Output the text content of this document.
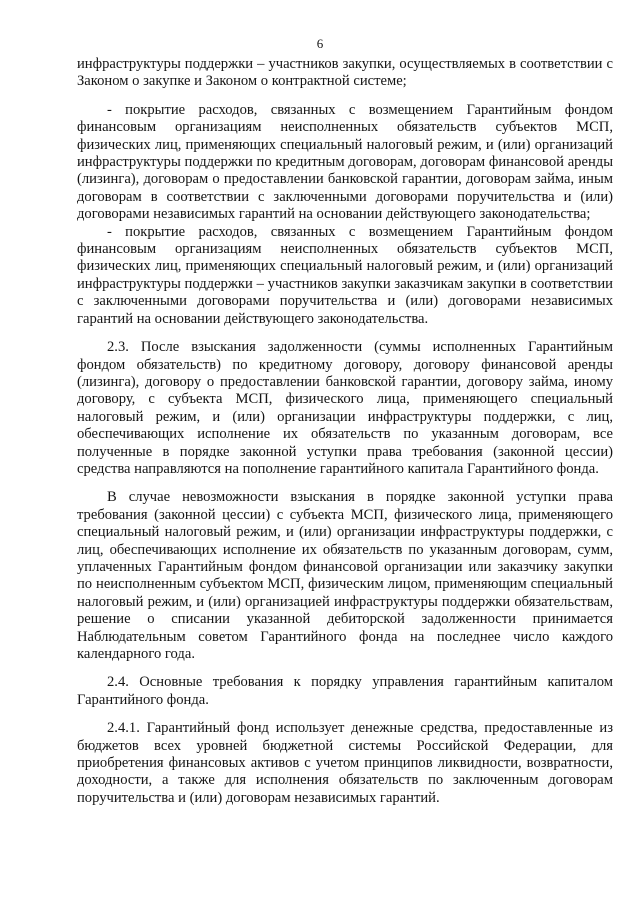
6

инфраструктуры поддержки – участников закупки, осуществляемых в соответствии с Законом о закупке и Законом о контрактной системе;

- покрытие расходов, связанных с возмещением Гарантийным фондом финансовым организациям неисполненных обязательств субъектов МСП, физических лиц, применяющих специальный налоговый режим, и (или) организаций инфраструктуры поддержки по кредитным договорам, договорам финансовой аренды (лизинга), договорам о предоставлении банковской гарантии, договорам займа, иным договорам в соответствии с заключенными договорами поручительства и (или) договорами независимых гарантий на основании действующего законодательства;

- покрытие расходов, связанных с возмещением Гарантийным фондом финансовым организациям неисполненных обязательств субъектов МСП, физических лиц, применяющих специальный налоговый режим, и (или) организаций инфраструктуры поддержки – участников закупки заказчикам закупки в соответствии с заключенными договорами поручительства и (или) договорами независимых гарантий на основании действующего законодательства.

2.3. После взыскания задолженности (суммы исполненных Гарантийным фондом обязательств) по кредитному договору, договору финансовой аренды (лизинга), договору о предоставлении банковской гарантии, договору займа, иному договору, с субъекта МСП, физического лица, применяющего специальный налоговый режим, и (или) организации инфраструктуры поддержки, с лиц, обеспечивающих исполнение их обязательств по указанным договорам, все полученные в порядке законной уступки права требования (законной цессии) средства направляются на пополнение гарантийного капитала Гарантийного фонда.

В случае невозможности взыскания в порядке законной уступки права требования (законной цессии) с субъекта МСП, физического лица, применяющего специальный налоговый режим, и (или) организации инфраструктуры поддержки, с лиц, обеспечивающих исполнение их обязательств по указанным договорам, сумм, уплаченных Гарантийным фондом финансовой организации или заказчику закупки по неисполненным субъектом МСП, физическим лицом, применяющим специальный налоговый режим, и (или) организацией инфраструктуры поддержки обязательствам, решение о списании указанной дебиторской задолженности принимается Наблюдательным советом Гарантийного фонда на последнее число каждого календарного года.

2.4. Основные требования к порядку управления гарантийным капиталом Гарантийного фонда.

2.4.1. Гарантийный фонд использует денежные средства, предоставленные из бюджетов всех уровней бюджетной системы Российской Федерации, для приобретения финансовых активов с учетом принципов ликвидности, возвратности, доходности, а также для исполнения обязательств по заключенным договорам поручительства и (или) договорам независимых гарантий.
